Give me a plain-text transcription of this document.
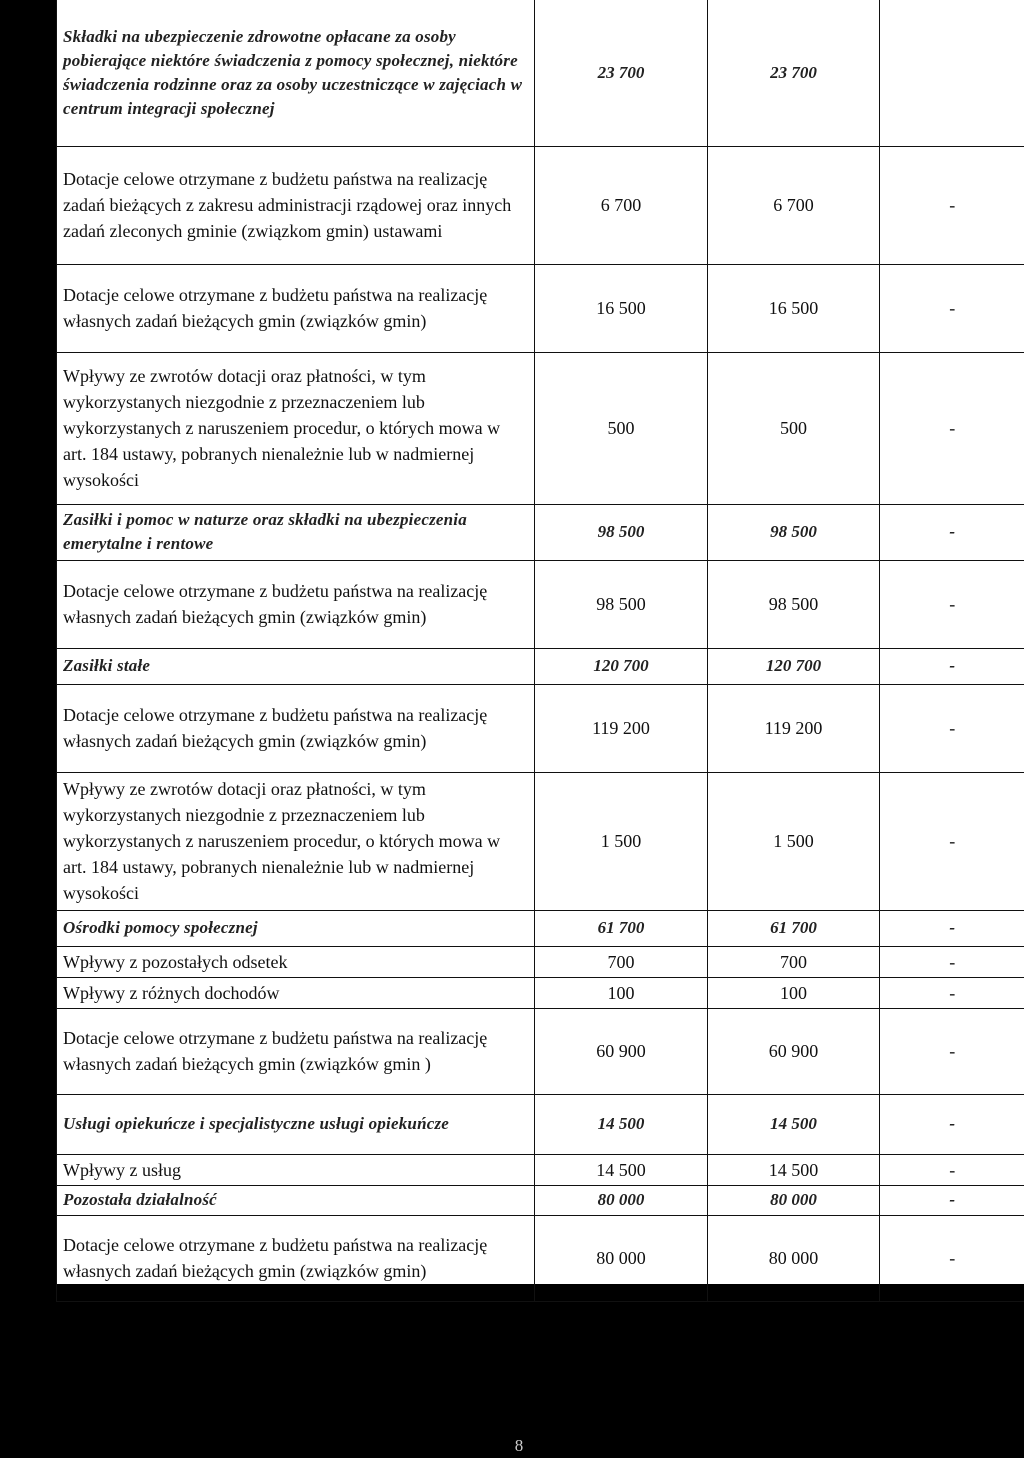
Składki na ubezpieczenie zdrowotne opłacane za osoby pobierające niektóre świadczenia z pomocy społecznej, niektóre świadczenia rodzinne oraz za osoby uczestniczące w zajęciach w centrum integracji społecznej	23 700	23 700	
Dotacje celowe otrzymane z budżetu państwa na realizację zadań bieżących z zakresu administracji rządowej oraz innych zadań zleconych gminie (związkom gmin) ustawami	6 700	6 700	-
Dotacje celowe otrzymane z budżetu państwa na realizację własnych zadań bieżących gmin (związków gmin)	16 500	16 500	-
Wpływy ze zwrotów dotacji oraz płatności, w tym wykorzystanych niezgodnie z przeznaczeniem lub wykorzystanych z naruszeniem procedur, o których mowa w art. 184 ustawy, pobranych nienależnie lub w nadmiernej wysokości	500	500	-
Zasiłki i pomoc w naturze oraz składki na ubezpieczenia emerytalne i rentowe	98 500	98 500	-
Dotacje celowe otrzymane z budżetu państwa na realizację własnych zadań bieżących gmin (związków gmin)	98 500	98 500	-
Zasiłki stałe	120 700	120 700	-
Dotacje celowe otrzymane z budżetu państwa na realizację własnych zadań bieżących gmin (związków gmin)	119 200	119 200	-
Wpływy ze zwrotów dotacji oraz płatności, w tym wykorzystanych niezgodnie z przeznaczeniem lub wykorzystanych z naruszeniem procedur, o których mowa w art. 184 ustawy, pobranych nienależnie lub w nadmiernej wysokości	1 500	1 500	-
Ośrodki pomocy społecznej	61 700	61 700	-
Wpływy z pozostałych odsetek	700	700	-
Wpływy z różnych dochodów	100	100	-
Dotacje celowe otrzymane z budżetu państwa na realizację własnych zadań bieżących gmin (związków gmin )	60 900	60 900	-
Usługi opiekuńcze i specjalistyczne usługi opiekuńcze	14 500	14 500	-
Wpływy z usług	14 500	14 500	-
Pozostała działalność	80 000	80 000	-
Dotacje celowe otrzymane z budżetu państwa na realizację własnych zadań bieżących gmin (związków gmin)	80 000	80 000	-
8
